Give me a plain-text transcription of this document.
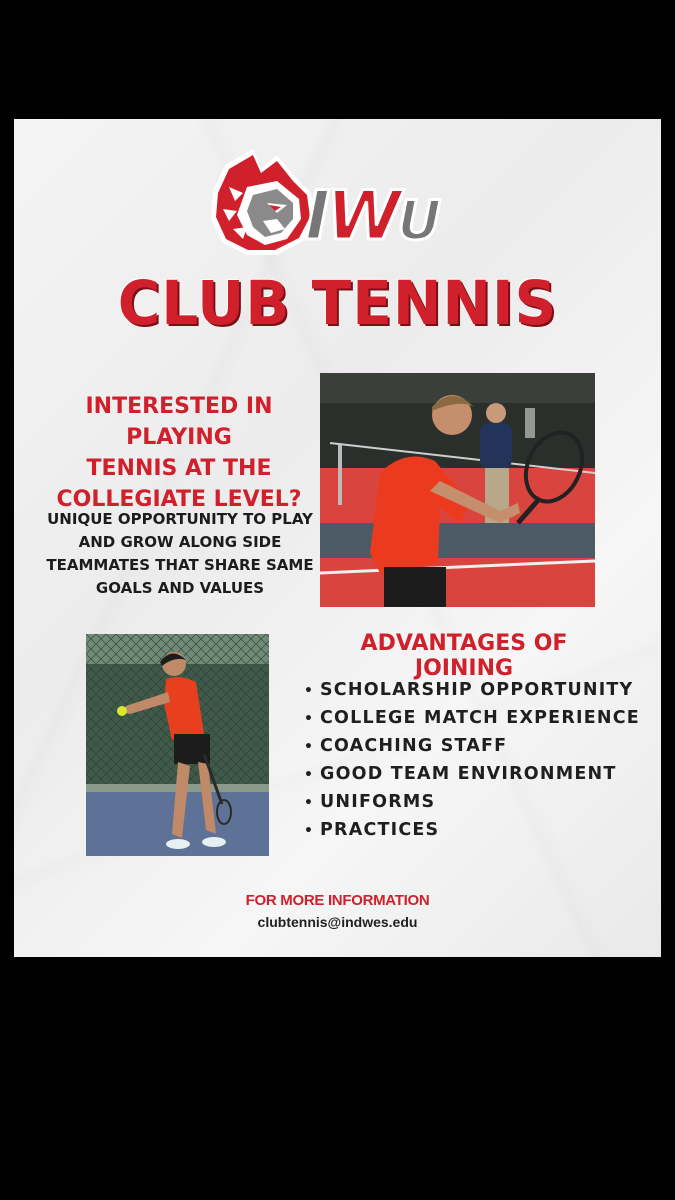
IWU
CLUB TENNIS
INTERESTED IN PLAYING
TENNIS AT THE
COLLEGIATE LEVEL?
UNIQUE OPPORTUNITY TO PLAY
AND GROW ALONG SIDE
TEAMMATES THAT SHARE SAME
GOALS AND VALUES
ADVANTAGES OF JOINING
• SCHOLARSHIP OPPORTUNITY
• COLLEGE MATCH EXPERIENCE
• COACHING STAFF
• GOOD TEAM ENVIRONMENT
• UNIFORMS
• PRACTICES
FOR MORE INFORMATION
clubtennis@indwes.edu
